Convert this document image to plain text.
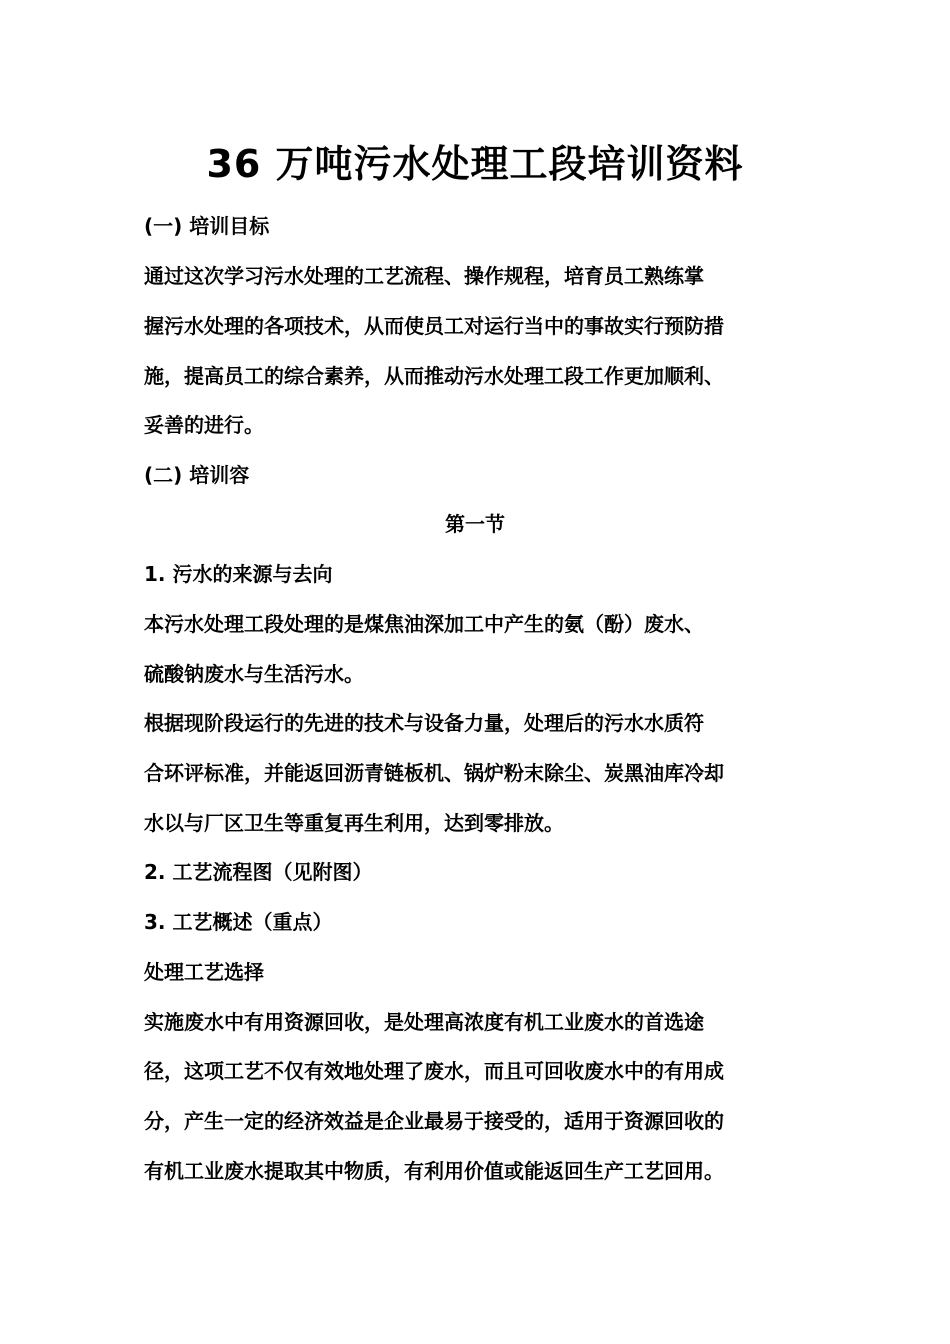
36 万吨污水处理工段培训资料
(一) 培训目标
通过这次学习污水处理的工艺流程、操作规程，培育员工熟练掌
握污水处理的各项技术，从而使员工对运行当中的事故实行预防措
施，提高员工的综合素养，从而推动污水处理工段工作更加顺利、
妥善的进行。
(二) 培训容
第一节
1. 污水的来源与去向
本污水处理工段处理的是煤焦油深加工中产生的氨（酚）废水、
硫酸钠废水与生活污水。
根据现阶段运行的先进的技术与设备力量，处理后的污水水质符
合环评标准，并能返回沥青链板机、锅炉粉末除尘、炭黑油库冷却
水以与厂区卫生等重复再生利用，达到零排放。
2. 工艺流程图（见附图）
3. 工艺概述（重点）
处理工艺选择
实施废水中有用资源回收，是处理高浓度有机工业废水的首选途
径，这项工艺不仅有效地处理了废水，而且可回收废水中的有用成
分，产生一定的经济效益是企业最易于接受的，适用于资源回收的
有机工业废水提取其中物质，有利用价值或能返回生产工艺回用。
